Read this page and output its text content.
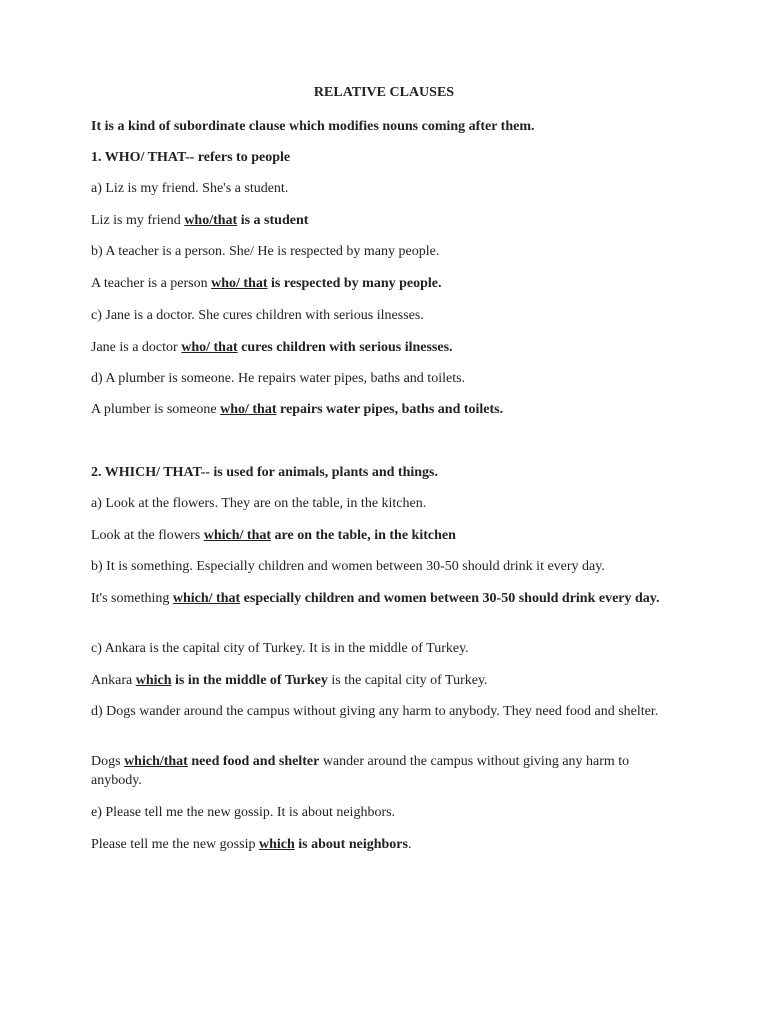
RELATIVE CLAUSES
It is a kind of subordinate clause which modifies nouns coming after them.
1. WHO/ THAT-- refers to people
a) Liz is my friend. She's a student.
Liz is my friend who/that is a student
b) A teacher is a person. She/ He is respected by many people.
A teacher is a person who/ that is respected by many people.
c) Jane is a doctor. She cures children with serious ilnesses.
Jane is a doctor who/ that cures children with serious ilnesses.
d) A plumber is someone. He repairs water pipes, baths and toilets.
A plumber is someone who/ that repairs water pipes, baths and toilets.
2. WHICH/ THAT-- is used for animals, plants and things.
a) Look at the flowers. They are on the table, in the kitchen.
Look at the flowers which/ that are on the table, in the kitchen
b) It is something. Especially children and women between 30-50 should drink it every day.
It's something which/ that especially children and women between 30-50 should drink every day.
c) Ankara is the capital city of Turkey. It is in the middle of Turkey.
Ankara which is in the middle of Turkey is the capital city of Turkey.
d) Dogs wander around the campus without giving any harm to anybody. They need food and shelter.
Dogs which/that need food and shelter wander around the campus without giving any harm to anybody.
e) Please tell me the new gossip. It is about neighbors.
Please tell me the new gossip which is about neighbors.
